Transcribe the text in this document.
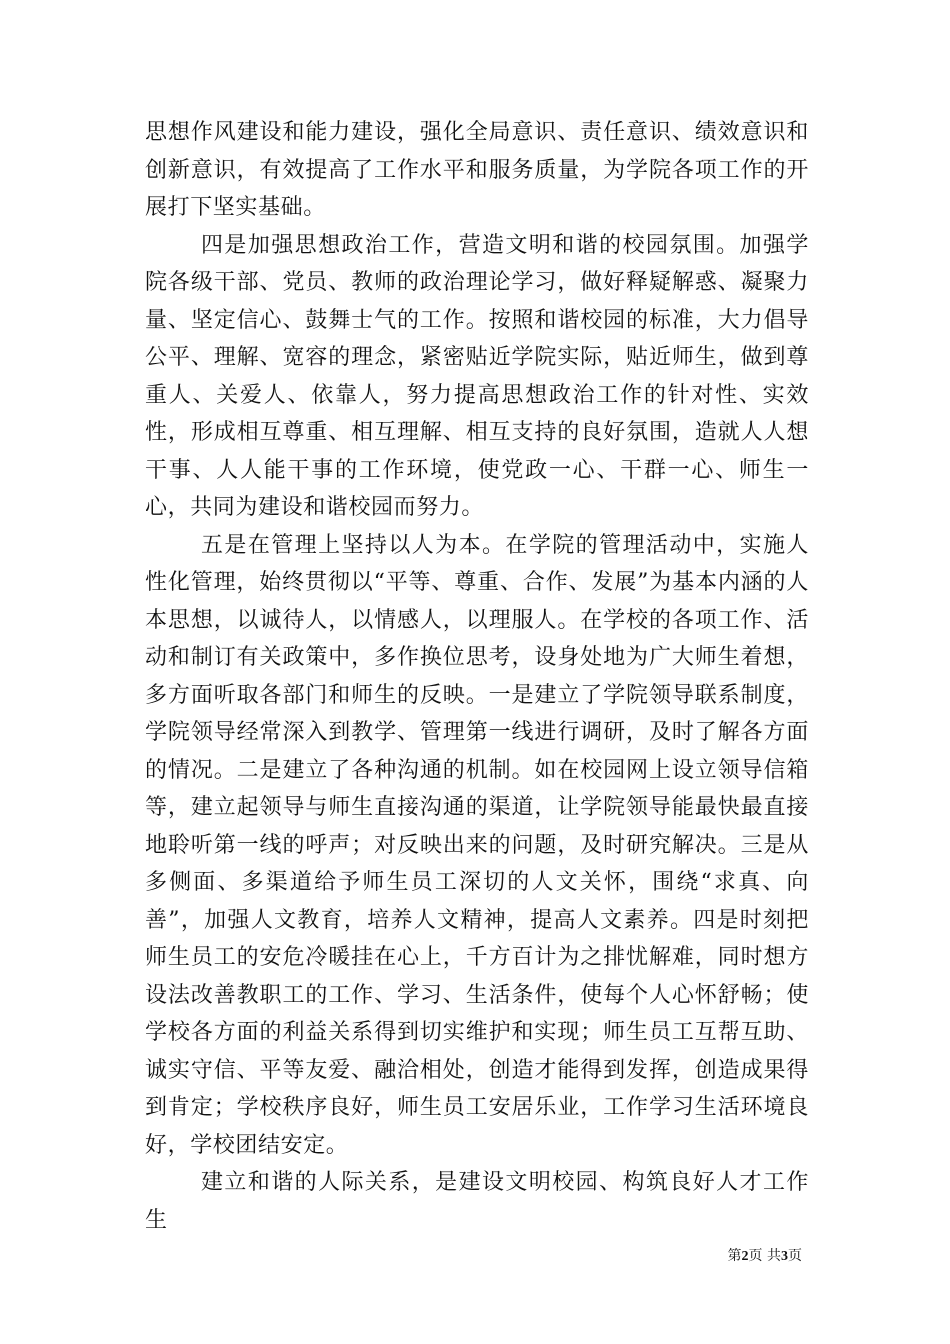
思想作风建设和能力建设，强化全局意识、责任意识、绩效意识和创新意识，有效提高了工作水平和服务质量，为学院各项工作的开展打下坚实基础。

四是加强思想政治工作，营造文明和谐的校园氛围。加强学院各级干部、党员、教师的政治理论学习，做好释疑解惑、凝聚力量、坚定信心、鼓舞士气的工作。按照和谐校园的标准，大力倡导公平、理解、宽容的理念，紧密贴近学院实际，贴近师生，做到尊重人、关爱人、依靠人，努力提高思想政治工作的针对性、实效性，形成相互尊重、相互理解、相互支持的良好氛围，造就人人想干事、人人能干事的工作环境，使党政一心、干群一心、师生一心，共同为建设和谐校园而努力。

五是在管理上坚持以人为本。在学院的管理活动中，实施人性化管理，始终贯彻以“平等、尊重、合作、发展”为基本内涵的人本思想，以诚待人，以情感人，以理服人。在学校的各项工作、活动和制订有关政策中，多作换位思考，设身处地为广大师生着想，多方面听取各部门和师生的反映。一是建立了学院领导联系制度，学院领导经常深入到教学、管理第一线进行调研，及时了解各方面的情况。二是建立了各种沟通的机制。如在校园网上设立领导信箱等，建立起领导与师生直接沟通的渠道，让学院领导能最快最直接地聆听第一线的呼声；对反映出来的问题，及时研究解决。三是从多侧面、多渠道给予师生员工深切的人文关怀，围绕“求真、向善”，加强人文教育，培养人文精神，提高人文素养。四是时刻把师生员工的安危冷暖挂在心上，千方百计为之排忧解难，同时想方设法改善教职工的工作、学习、生活条件，使每个人心怀舒畅；使学校各方面的利益关系得到切实维护和实现；师生员工互帮互助、诚实守信、平等友爱、融洽相处，创造才能得到发挥，创造成果得到肯定；学校秩序良好，师生员工安居乐业，工作学习生活环境良好，学校团结安定。

建立和谐的人际关系，是建设文明校园、构筑良好人才工作生

第2页 共3页
